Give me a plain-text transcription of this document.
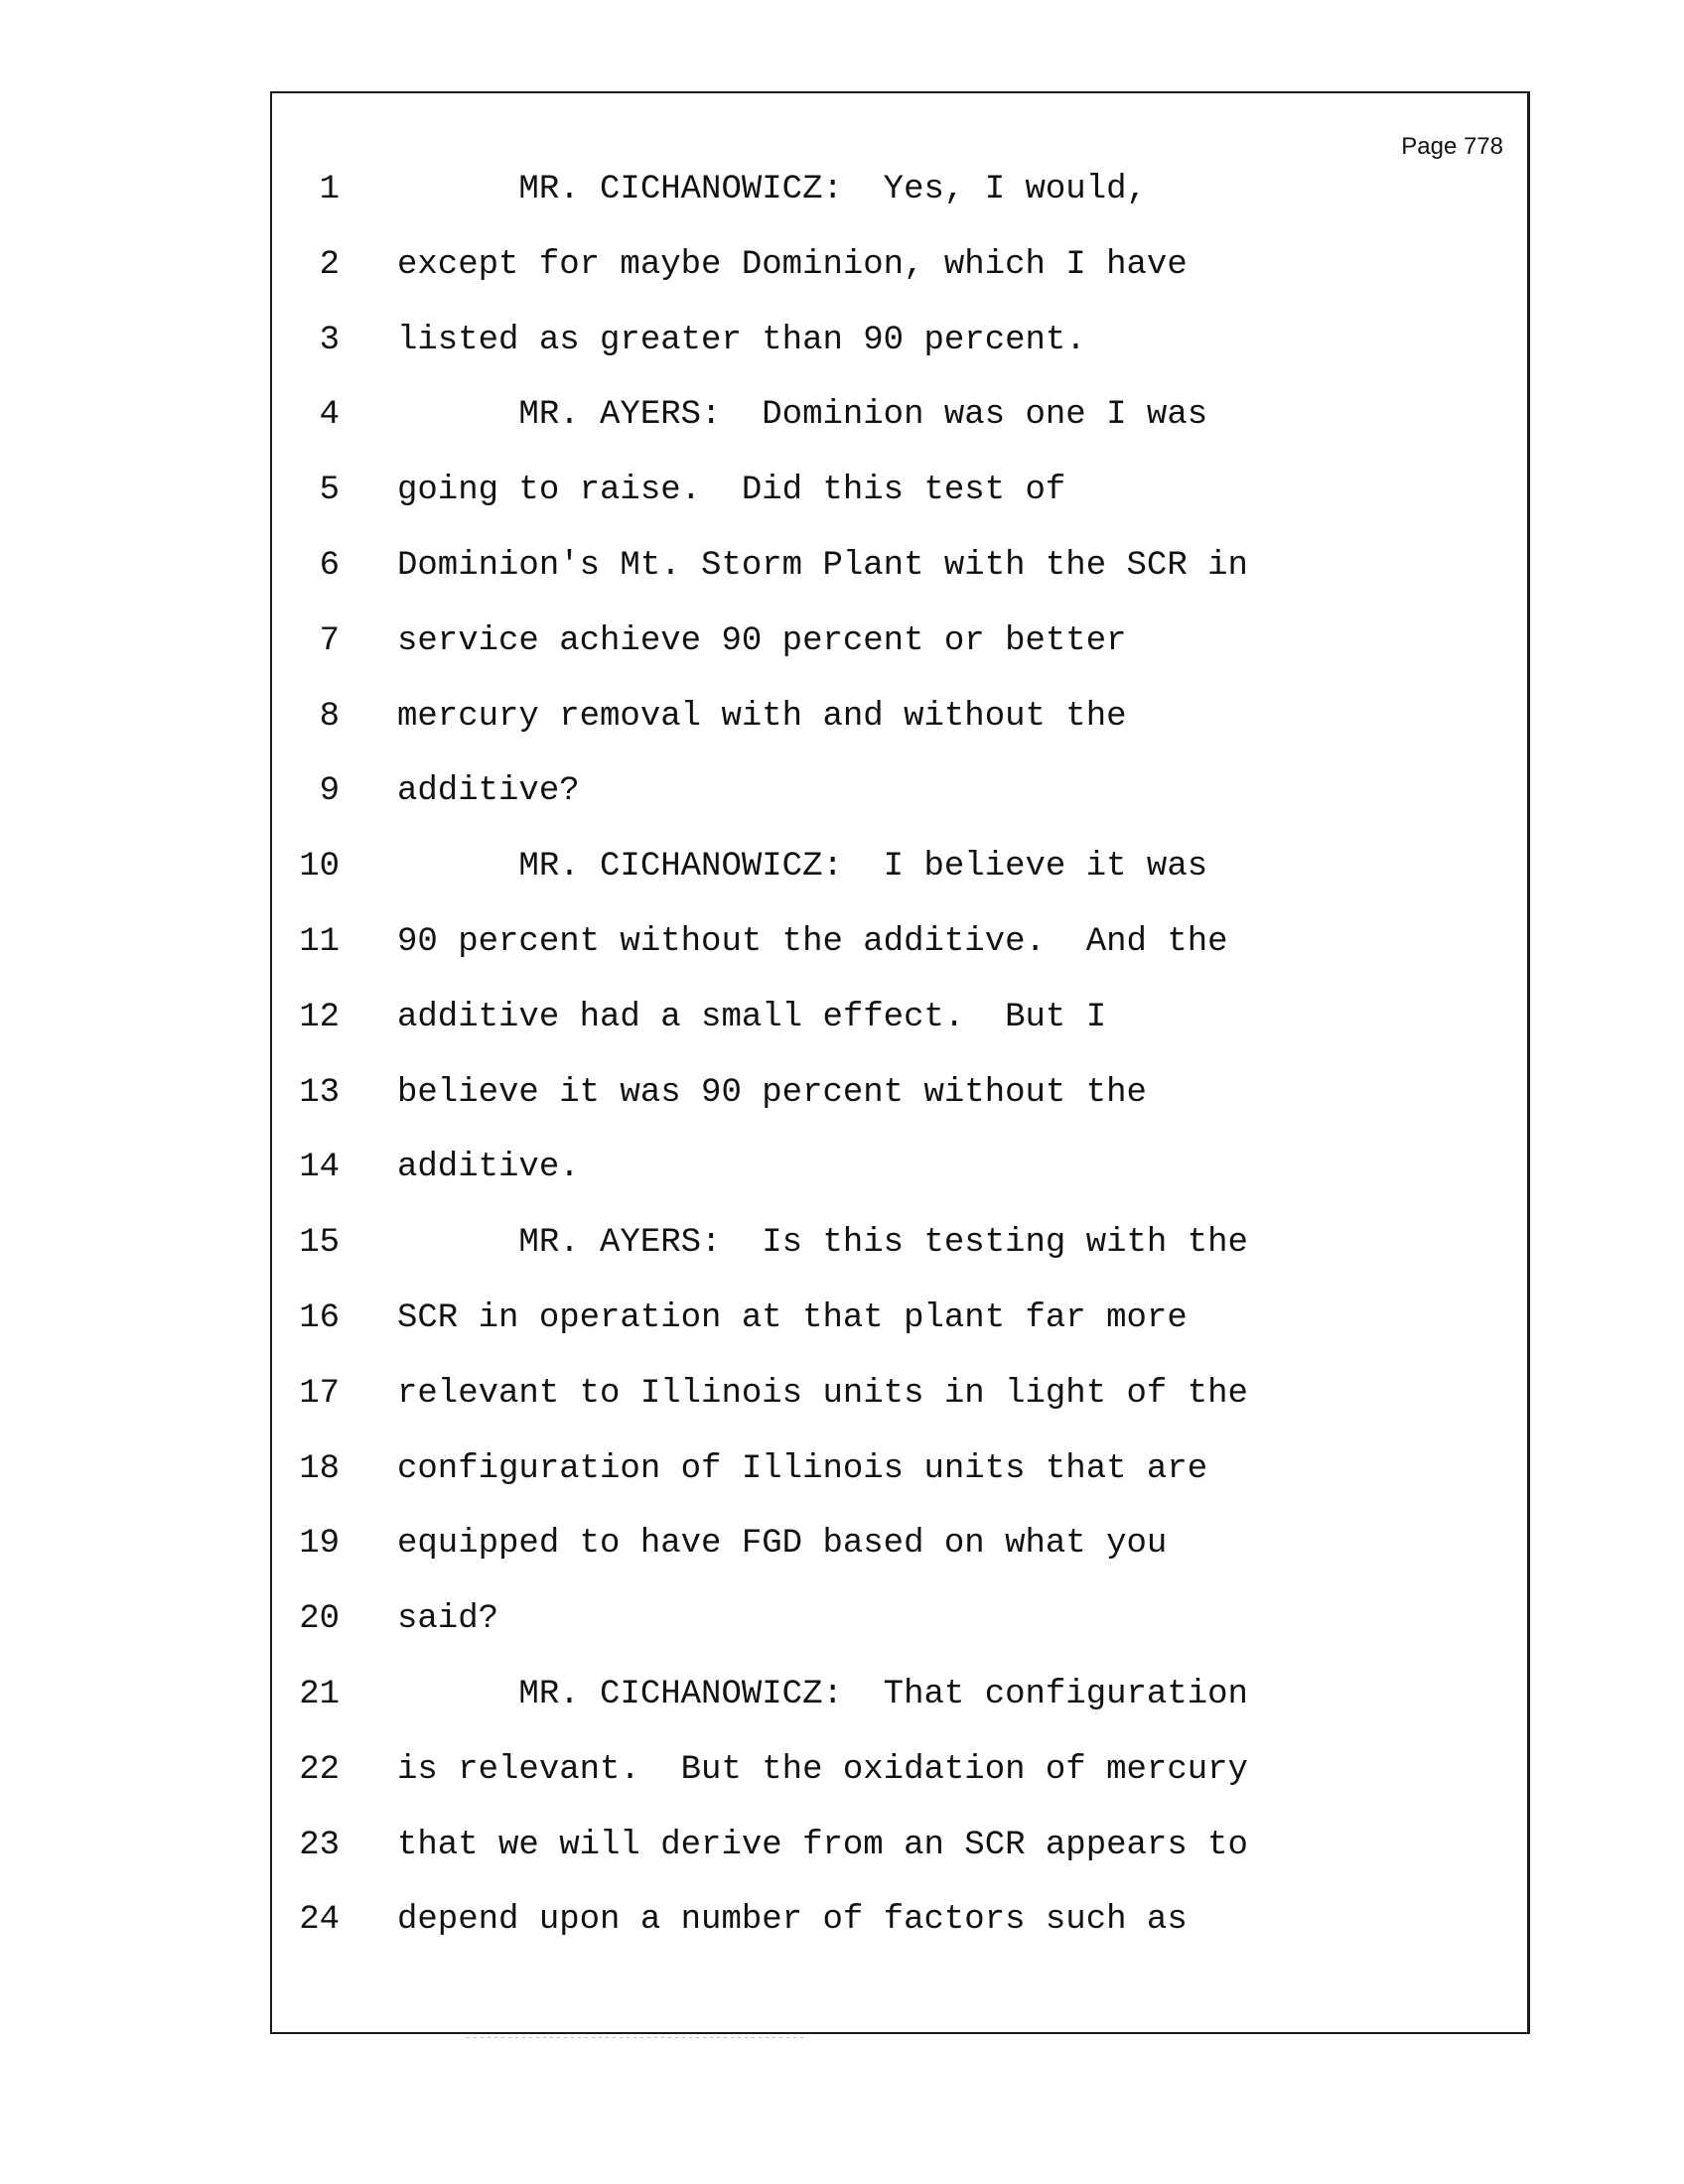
Page 778
1 MR. CICHANOWICZ:  Yes, I would,
2 except for maybe Dominion, which I have
3 listed as greater than 90 percent.
4 MR. AYERS:  Dominion was one I was
5 going to raise.  Did this test of
6 Dominion's Mt. Storm Plant with the SCR in
7 service achieve 90 percent or better
8 mercury removal with and without the
9 additive?
10 MR. CICHANOWICZ:  I believe it was
11 90 percent without the additive.  And the
12 additive had a small effect.  But I
13 believe it was 90 percent without the
14 additive.
15 MR. AYERS:  Is this testing with the
16 SCR in operation at that plant far more
17 relevant to Illinois units in light of the
18 configuration of Illinois units that are
19 equipped to have FGD based on what you
20 said?
21 MR. CICHANOWICZ:  That configuration
22 is relevant.  But the oxidation of mercury
23 that we will derive from an SCR appears to
24 depend upon a number of factors such as
